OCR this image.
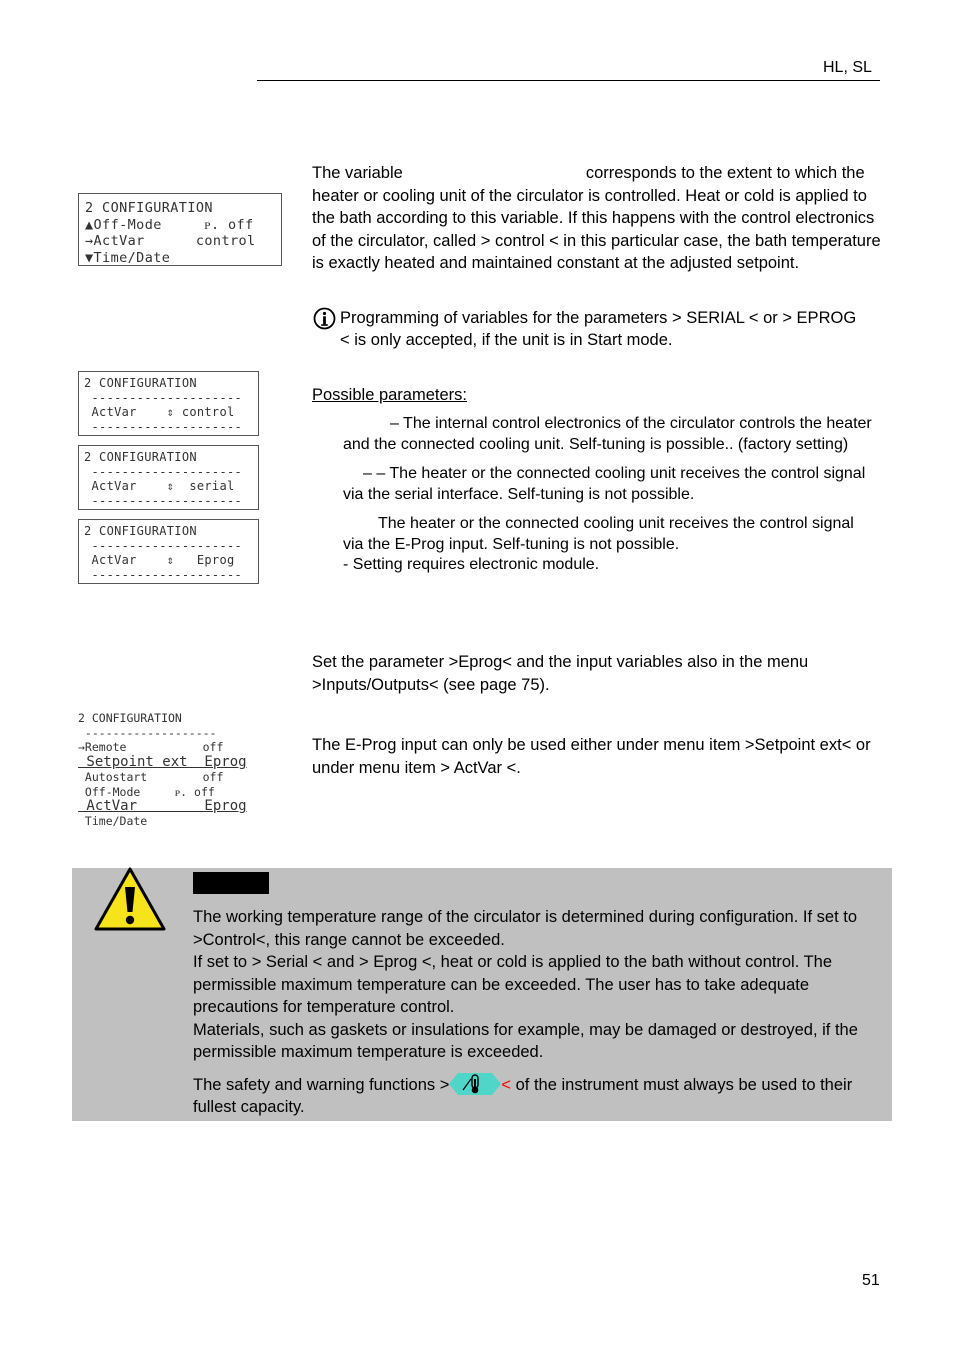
HL, SL
The variable	corresponds to the extent to which the heater or cooling unit of the circulator is controlled. Heat or cold is applied to the bath according to this variable. If this happens with the control electronics of the circulator, called > control < in this particular case, the bath temperature is exactly heated and maintained constant at the adjusted setpoint.
Programming of variables for the parameters > SERIAL < or > EPROG < is only accepted, if the unit is in Start mode.
2 CONFIGURATION
▲Off-Mode     ᴘ. off
→ActVar      control
▼Time/Date
2 CONFIGURATION
--------------------
ActVar    ⇕ control
--------------------
2 CONFIGURATION
--------------------
ActVar    ⇕  serial
--------------------
2 CONFIGURATION
--------------------
ActVar    ⇕   Eprog
--------------------
Possible parameters:
– The internal control electronics of the circulator controls the heater and the connected cooling unit. Self-tuning is possible.. (factory setting)
– – The heater or the connected cooling unit receives the control signal via the serial interface. Self-tuning is not possible.
The heater or the connected cooling unit receives the control signal via the E-Prog input. Self-tuning is not possible.
- Setting requires electronic module.
Set the parameter >Eprog< and the input variables also in the menu >Inputs/Outputs< (see page 75).
2 CONFIGURATION
-------------------
→Remote           off
Setpoint ext  Eprog
Autostart        off
Off-Mode     ᴘ. off
ActVar        Eprog
Time/Date
The E-Prog input can only be used either under menu item >Setpoint ext< or under menu item > ActVar <.
The working temperature range of the circulator is determined during configuration. If set to >Control<, this range cannot be exceeded.
If set to > Serial < and > Eprog <, heat or cold is applied to the bath without control. The permissible maximum temperature can be exceeded. The user has to take adequate precautions for temperature control.
Materials, such as gaskets or insulations for example, may be damaged or destroyed, if the permissible maximum temperature is exceeded.
The safety and warning functions >	< of the instrument must always be used to their fullest capacity.
51
